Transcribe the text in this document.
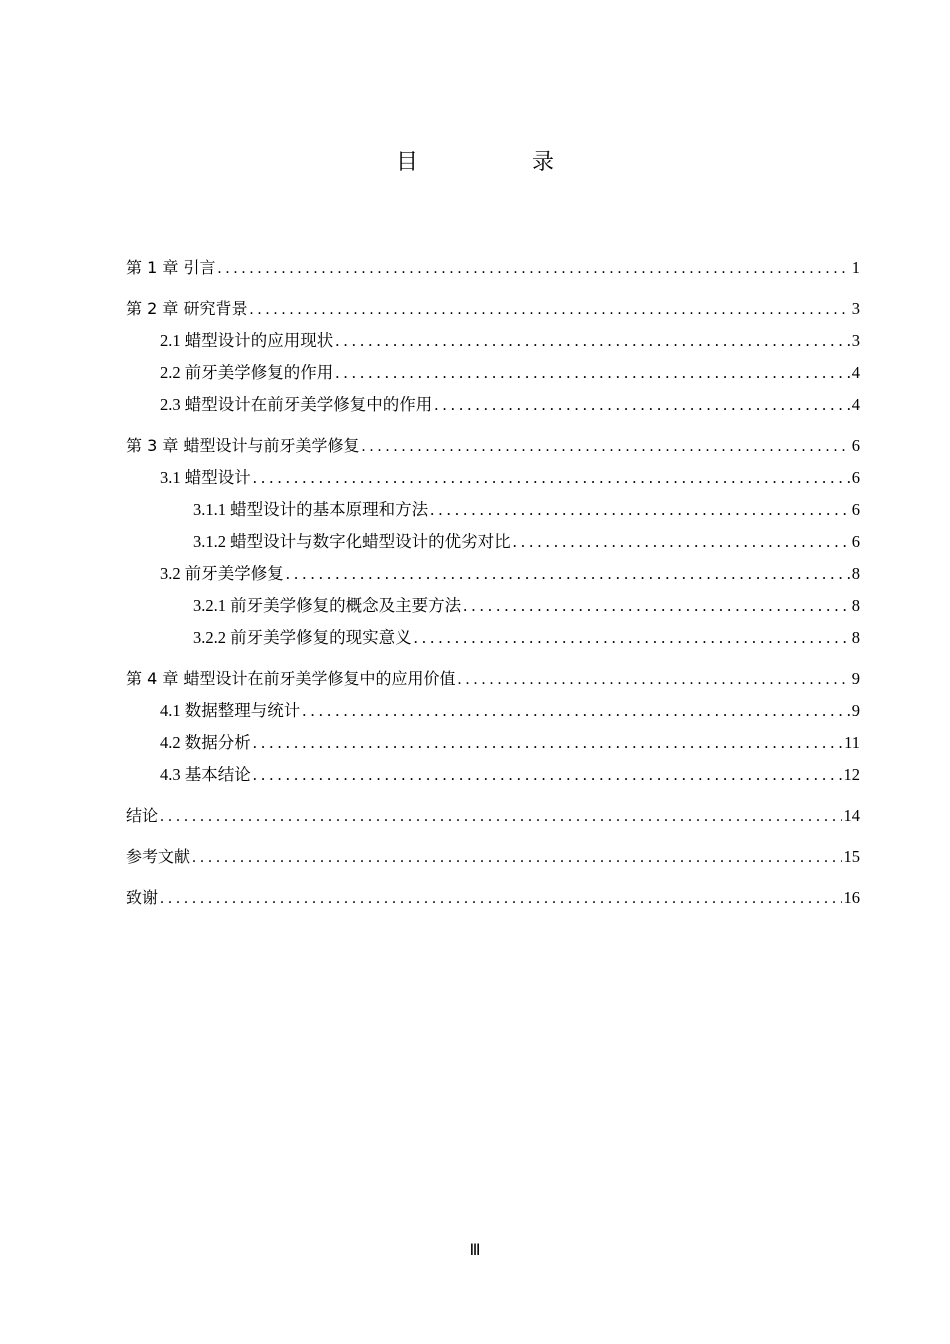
目　录
第 1 章 引言 . . .	1
第 2 章 研究背景 . . .	3
2.1 蜡型设计的应用现状 . . .	3
2.2 前牙美学修复的作用 . . .	4
2.3 蜡型设计在前牙美学修复中的作用 . . .	4
第 3 章 蜡型设计与前牙美学修复 . . .	6
3.1 蜡型设计 . . .	6
3.1.1 蜡型设计的基本原理和方法 . . .	6
3.1.2 蜡型设计与数字化蜡型设计的优劣对比 . . .	6
3.2 前牙美学修复 . . .	8
3.2.1 前牙美学修复的概念及主要方法 . . .	8
3.2.2 前牙美学修复的现实意义 . . .	8
第 4 章 蜡型设计在前牙美学修复中的应用价值 . . .	9
4.1 数据整理与统计 . . .	9
4.2 数据分析 . . .	11
4.3 基本结论 . . .	12
结论 . . .	14
参考文献 . . .	15
致谢 . . .	16
Ⅲ
